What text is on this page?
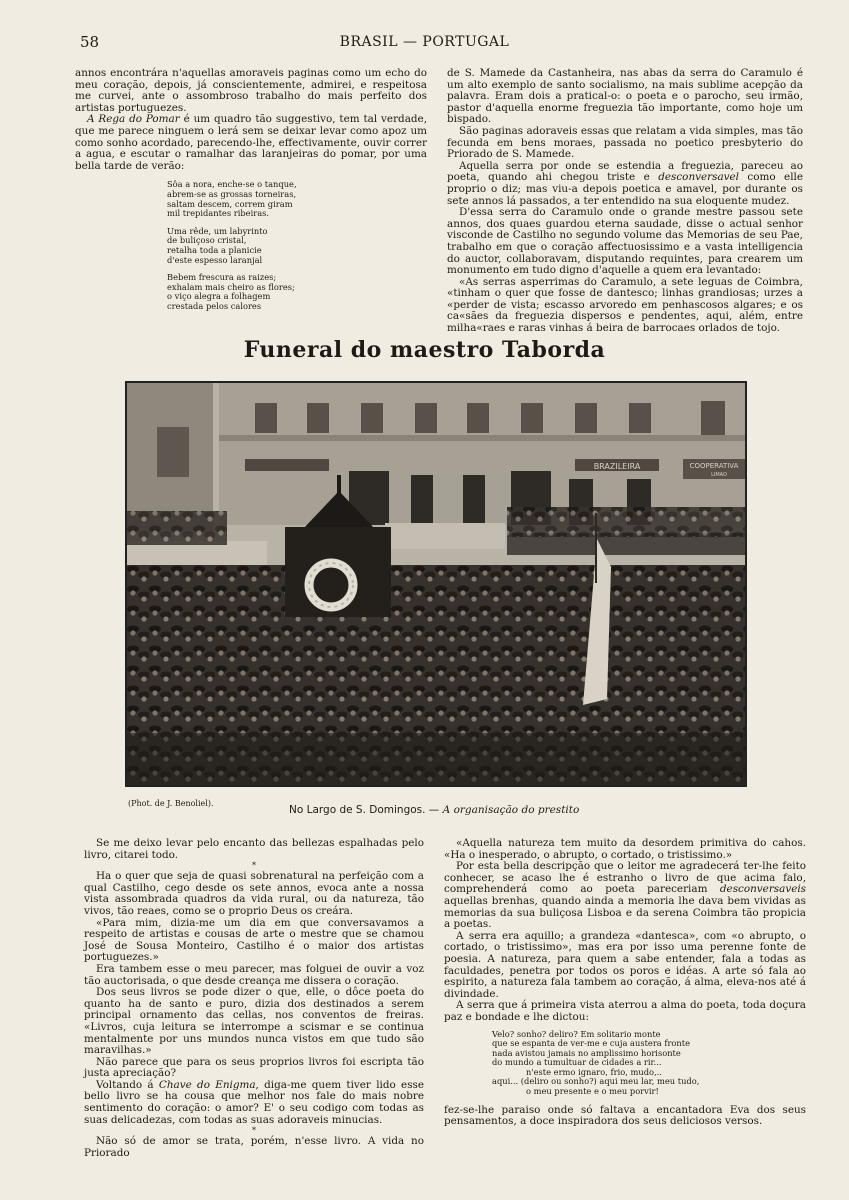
58	BRASIL — PORTUGAL

annos encontrára n'aquellas amoraveis paginas como um echo do meu coração, depois, já conscientemente, admirei, e respeitosa me curvei, ante o assombroso trabalho do mais perfeito dos artistas portuguezes.

A Rega do Pomar é um quadro tão suggestivo, tem tal verdade, que me parece ninguem o lerá sem se deixar levar como apoz um como sonho acordado, parecendo-lhe, effectivamente, ouvir correr a agua, e escutar o ramalhar das laranjeiras do pomar, por uma bella tarde de verão:

Sôa a nora, enche-se o tanque,
abrem-se as grossas torneiras,
saltam descem, correm giram
mil trepidantes ribeiras.
Uma rêde, um labyrinto
de buliçoso cristal,
retalha toda a planicie
d'este espesso laranjal
Bebem frescura as raizes;
exhalam mais cheiro as flores;
o viço alegra a folhagem
crestada pelos calores

de S. Mamede da Castanheira, nas abas da serra do Caramulo é um alto exemplo de santo socialismo, na mais sublime acepção da palavra. Eram dois a pratical-o: o poeta e o parocho, seu irmão, pastor d'aquella enorme freguezia tão importante, como hoje um bispado.

São paginas adoraveis essas que relatam a vida simples, mas tão fecunda em bens moraes, passada no poetico presbyterio do Priorado de S. Mamede.

Aquella serra por onde se estendia a freguezia, pareceu ao poeta, quando ahi chegou triste e desconversavel como elle proprio o diz; mas viu-a depois poetica e amavel, por durante os sete annos lá passados, a ter entendido na sua eloquente mudez.

D'essa serra do Caramulo onde o grande mestre passou sete annos, dos quaes guardou eterna saudade, disse o actual senhor visconde de Castilho no segundo volume das Memorias de seu Pae, trabalho em que o coração affectuosissimo e a vasta intelligencia do auctor, collaboravam, disputando requintes, para crearem um monumento em tudo digno d'aquelle a quem era levantado:

«As serras asperrimas do Caramulo, a sete leguas de Coimbra, «tinham o quer que fosse de dantesco; linhas grandiosas; urzes a «perder de vista; escasso arvoredo em penhascosos algares; e os ca«sães da freguezia dispersos e pendentes, aqui, além, entre milha«raes e raras vinhas á beira de barrocaes orlados de tojo.

Funeral do maestro Taborda
BRAZILEIRA	COOPERATIVA
LIMAO
(Phot. de J. Benoliel).
No Largo de S. Domingos. — A organisação do prestito

Se me deixo levar pelo encanto das bellezas espalhadas pelo livro, citarei todo.

*

Ha o quer que seja de quasi sobrenatural na perfeição com a qual Castilho, cego desde os sete annos, evoca ante a nossa vista assombrada quadros da vida rural, ou da natureza, tão vivos, tão reaes, como se o proprio Deus os creára.

«Para mim, dizia-me um dia em que conversavamos a respeito de artistas e cousas de arte o mestre que se chamou José de Sousa Monteiro, Castilho é o maior dos artistas portuguezes.»

Era tambem esse o meu parecer, mas folguei de ouvir a voz tão auctorisada, o que desde creança me dissera o coração.

Dos seus livros se pode dizer o que, elle, o dôce poeta do quanto ha de santo e puro, dizia dos destinados a serem principal ornamento das cellas, nos conventos de freiras. «Livros, cuja leitura se interrompe a scismar e se continua mentalmente por uns mundos nunca vistos em que tudo são maravilhas.»

Não parece que para os seus proprios livros foi escripta tão justa apreciação?

Voltando á Chave do Enigma, diga-me quem tiver lido esse bello livro se ha cousa que melhor nos fale do mais nobre sentimento do coração: o amor? E' o seu codigo com todas as suas delicadezas, com todas as suas adoraveis minucias.

*

Não só de amor se trata, porém, n'esse livro. A vida no Priorado

«Aquella natureza tem muito da desordem primitiva do cahos. «Ha o inesperado, o abrupto, o cortado, o tristissimo.»

Por esta bella descripção que o leitor me agradecerá ter-lhe feito conhecer, se acaso lhe é estranho o livro de que acima falo, comprehenderá como ao poeta pareceriam desconversaveis aquellas brenhas, quando ainda a memoria lhe dava bem vividas as memorias da sua buliçosa Lisboa e da serena Coimbra tão propicia a poetas.

A serra era aquillo; a grandeza «dantesca», com «o abrupto, o cortado, o tristissimo», mas era por isso uma perenne fonte de poesia. A natureza, para quem a sabe entender, fala a todas as faculdades, penetra por todos os poros e idéas. A arte só fala ao espirito, a natureza fala tambem ao coração, á alma, eleva-nos até á divindade.

A serra que á primeira vista aterrou a alma do poeta, toda doçura paz e bondade e lhe dictou:

Velo? sonho? deliro? Em solitario monte
que se espanta de ver-me e cuja austera fronte
nada avistou jamais no amplissimo horisonte
do mundo a tumultuar de cidades a rir...
n'este ermo ignaro, frio, mudo,..
aqui... (deliro ou sonho?) aqui meu lar, meu tudo,
o meu presente e o meu porvir!

fez-se-lhe paraiso onde só faltava a encantadora Eva dos seus pensamentos, a doce inspiradora dos seus deliciosos versos.
